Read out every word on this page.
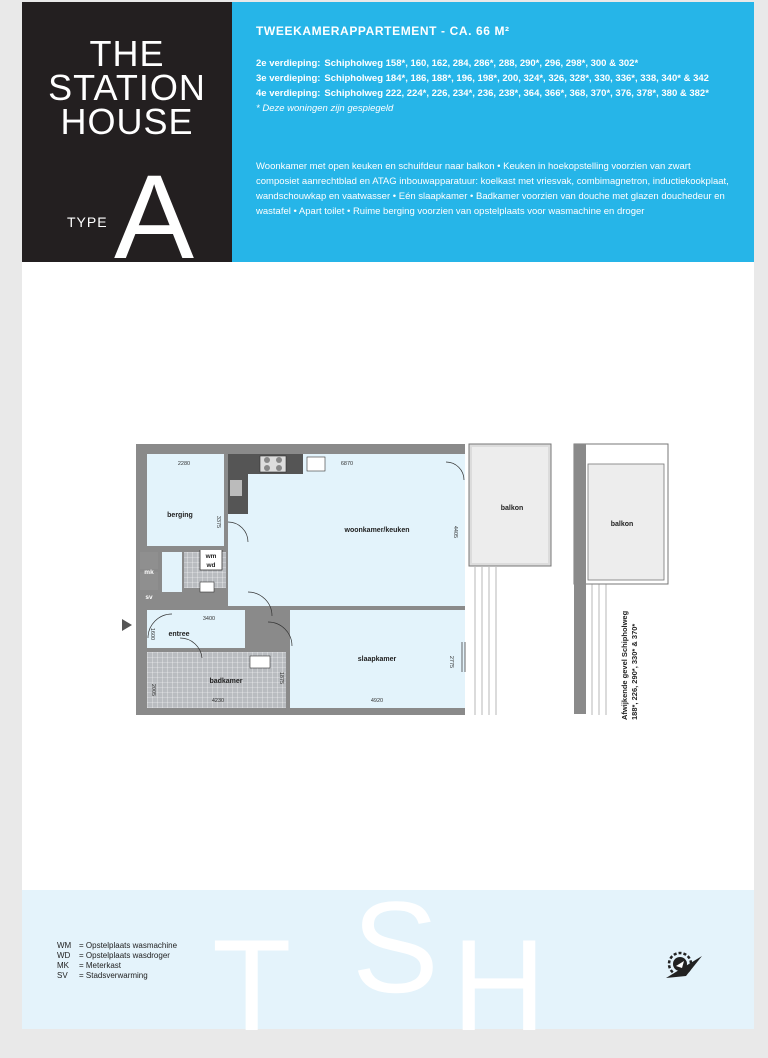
THE
STATION
HOUSE
TYPE A
TWEEKAMERAPPARTEMENT - CA. 66 M²
2e verdieping: Schipholweg 158*, 160, 162, 284, 286*, 288, 290*, 296, 298*, 300 & 302*
3e verdieping: Schipholweg 184*, 186, 188*, 196, 198*, 200, 324*, 326, 328*, 330, 336*, 338, 340* & 342
4e verdieping: Schipholweg 222, 224*, 226, 234*, 236, 238*, 364, 366*, 368, 370*, 376, 378*, 380 & 382*
* Deze woningen zijn gespiegeld
Woonkamer met open keuken en schuifdeur naar balkon • Keuken in hoekopstelling voorzien van zwart composiet aanrechtblad en ATAG inbouwapparatuur: koelkast met vriesvak, combimagnetron, inductiekookplaat, wandschouwkap en vaatwasser • Eén slaapkamer • Badkamer voorzien van douche met glazen douchedeur en wastafel • Apart toilet • Ruime berging voorzien van opstelplaats voor wasmachine en droger
T S H
WM = Opstelplaats wasmachine
WD	= Opstelplaats wasdroger
MK	= Meterkast
SV	= Stadsverwarming
berging
woonkamer/keuken
slaapkamer
badkamer
entree
balkon
balkon
wm
wd
mk
sv
2280
3375
6870
4405
3400
1600
2775
4920
4230
2005
1875	Afwijkende gevel Schipholweg 188*, 226, 290*, 330* & 370*
